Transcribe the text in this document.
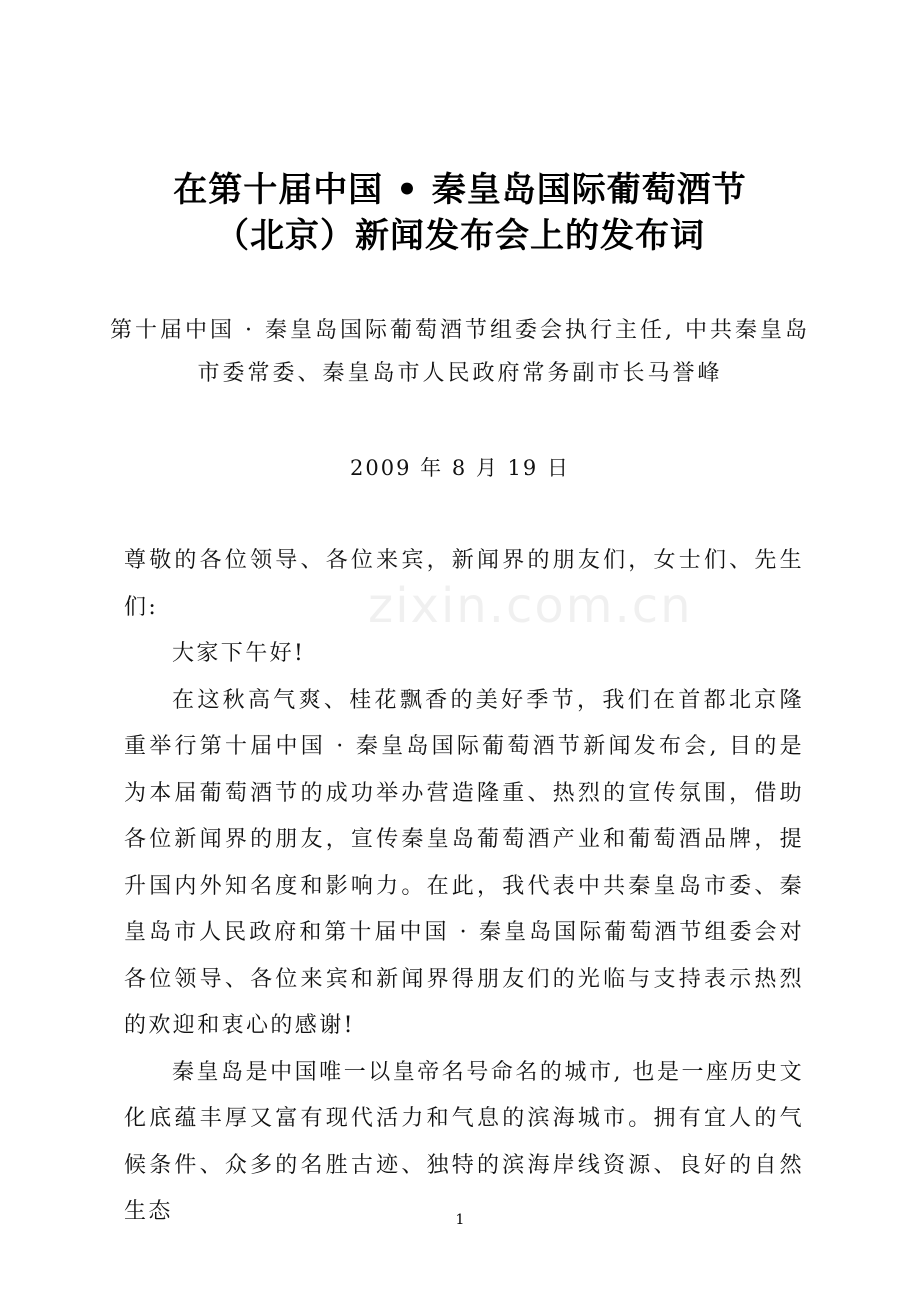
在第十届中国 • 秦皇岛国际葡萄酒节
（北京）新闻发布会上的发布词
第十届中国 · 秦皇岛国际葡萄酒节组委会执行主任, 中共秦皇岛
市委常委、秦皇岛市人民政府常务副市长马誉峰
2009 年 8 月 19 日

尊敬的各位领导、各位来宾，新闻界的朋友们，女士们、先生们:

大家下午好!

在这秋高气爽、桂花飘香的美好季节，我们在首都北京隆重举行第十届中国 · 秦皇岛国际葡萄酒节新闻发布会, 目的是为本届葡萄酒节的成功举办营造隆重、热烈的宣传氛围，借助各位新闻界的朋友，宣传秦皇岛葡萄酒产业和葡萄酒品牌，提升国内外知名度和影响力。在此，我代表中共秦皇岛市委、秦皇岛市人民政府和第十届中国 · 秦皇岛国际葡萄酒节组委会对各位领导、各位来宾和新闻界得朋友们的光临与支持表示热烈的欢迎和衷心的感谢!

秦皇岛是中国唯一以皇帝名号命名的城市, 也是一座历史文化底蕴丰厚又富有现代活力和气息的滨海城市。拥有宜人的气候条件、众多的名胜古迹、独特的滨海岸线资源、良好的自然生态

zixin.com.cn
1
